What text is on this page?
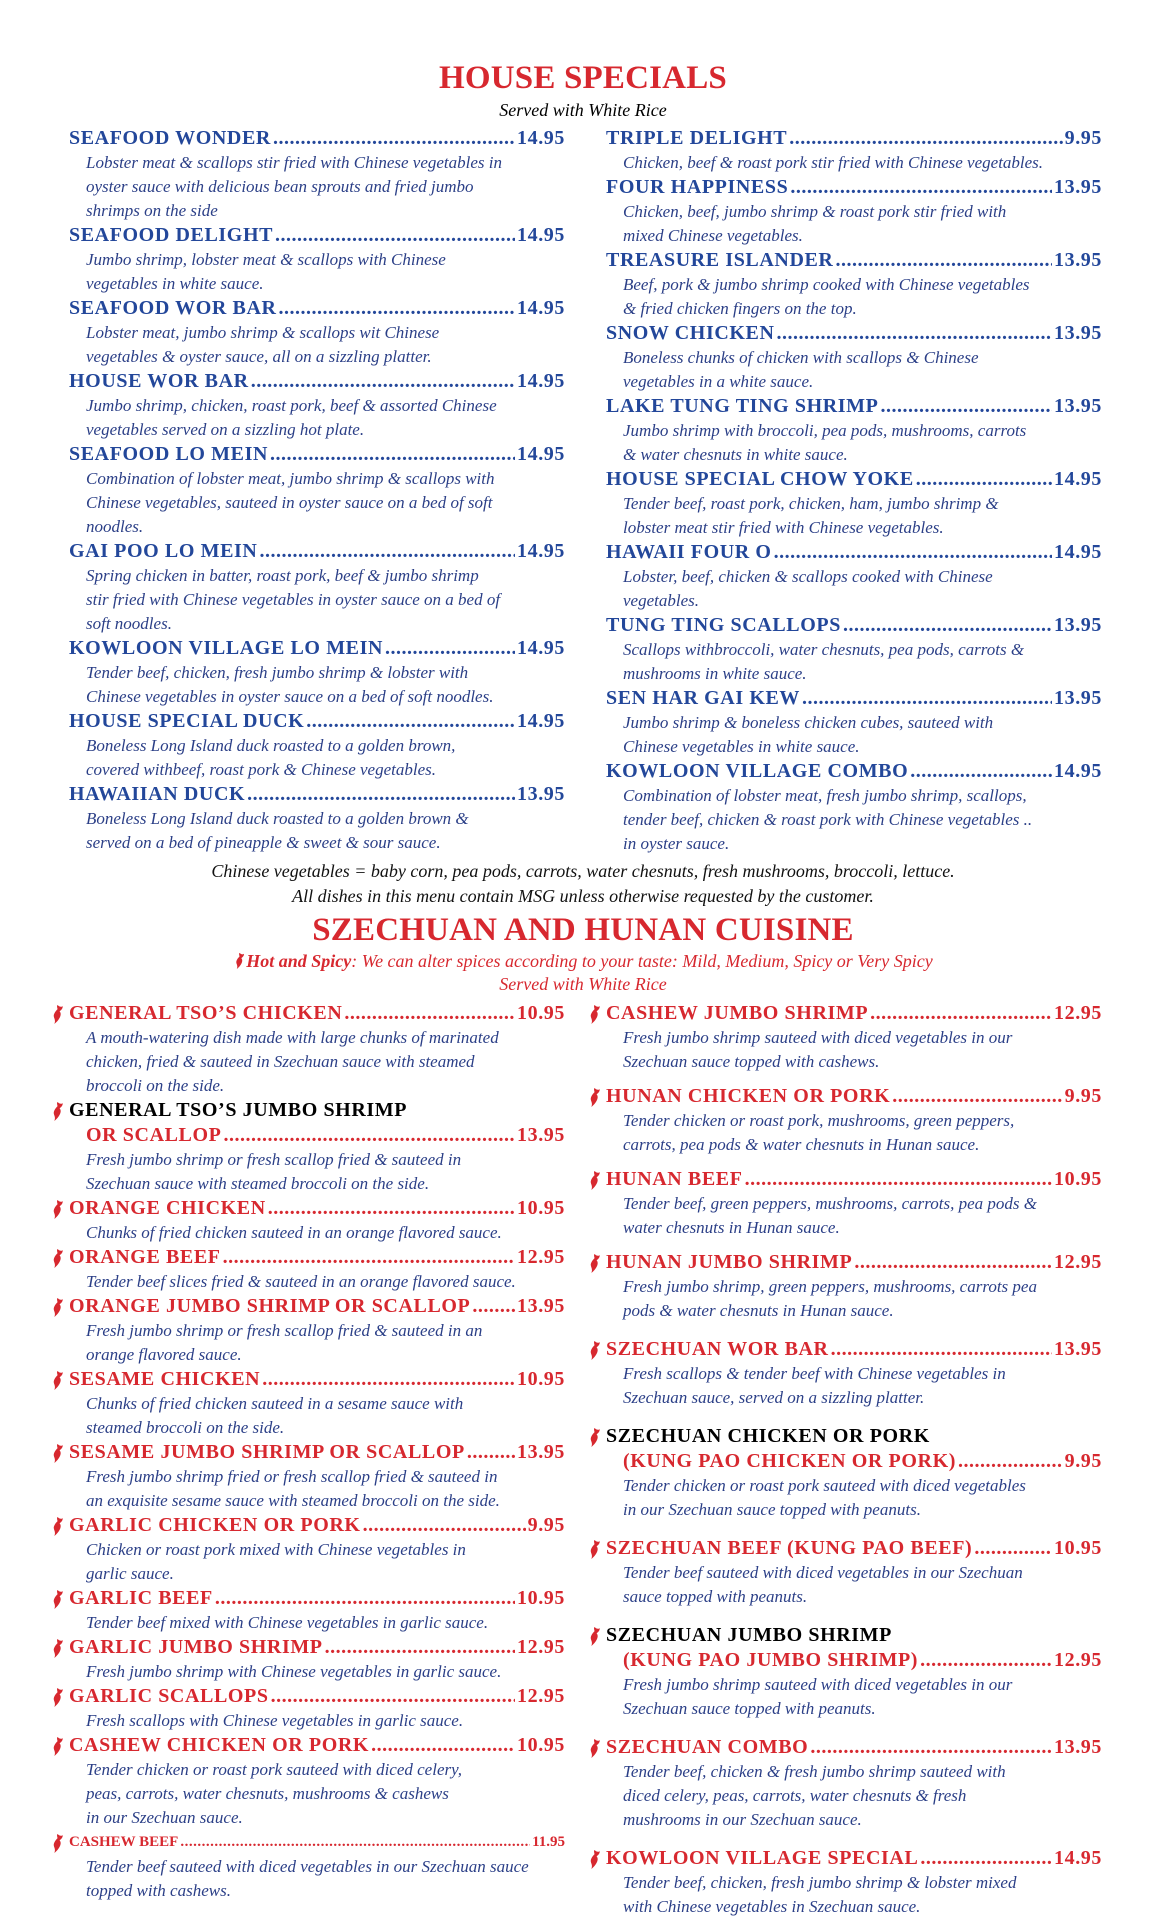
HOUSE SPECIALS
Served with White Rice
SEAFOOD WONDER .....	14.95
Lobster meat & scallops stir fried with Chinese vegetables in
oyster sauce with delicious bean sprouts and fried jumbo
shrimps on the side
SEAFOOD DELIGHT .....	14.95
Jumbo shrimp, lobster meat & scallops with Chinese
vegetables in white sauce.
SEAFOOD WOR BAR .....	14.95
Lobster meat, jumbo shrimp & scallops wit Chinese
vegetables & oyster sauce, all on a sizzling platter.
HOUSE WOR BAR .....	14.95
Jumbo shrimp, chicken, roast pork, beef & assorted Chinese
vegetables served on a sizzling hot plate.
SEAFOOD LO MEIN .....	14.95
Combination of lobster meat, jumbo shrimp & scallops with
Chinese vegetables, sauteed in oyster sauce on a bed of soft
noodles.
GAI POO LO MEIN .....	14.95
Spring chicken in batter, roast pork, beef & jumbo shrimp
stir fried with Chinese vegetables in oyster sauce on a bed of
soft noodles.
KOWLOON VILLAGE LO MEIN .....	14.95
Tender beef, chicken, fresh jumbo shrimp & lobster with
Chinese vegetables in oyster sauce on a bed of soft noodles.
HOUSE SPECIAL DUCK .....	14.95
Boneless Long Island duck roasted to a golden brown,
covered withbeef, roast pork & Chinese vegetables.
HAWAIIAN DUCK .....	13.95
Boneless Long Island duck roasted to a golden brown &
served on a bed of pineapple & sweet & sour sauce.
TRIPLE DELIGHT .....	9.95
Chicken, beef & roast pork stir fried with Chinese vegetables.
FOUR HAPPINESS .....	13.95
Chicken, beef, jumbo shrimp & roast pork stir fried with
mixed Chinese vegetables.
TREASURE ISLANDER .....	13.95
Beef, pork & jumbo shrimp cooked with Chinese vegetables
& fried chicken fingers on the top.
SNOW CHICKEN .....	13.95
Boneless chunks of chicken with scallops & Chinese
vegetables in a white sauce.
LAKE TUNG TING SHRIMP .....	13.95
Jumbo shrimp with broccoli, pea pods, mushrooms, carrots
& water chesnuts in white sauce.
HOUSE SPECIAL CHOW YOKE .....	14.95
Tender beef, roast pork, chicken, ham, jumbo shrimp &
lobster meat stir fried with Chinese vegetables.
HAWAII FOUR O .....	14.95
Lobster, beef, chicken & scallops cooked with Chinese
vegetables.
TUNG TING SCALLOPS .....	13.95
Scallops withbroccoli, water chesnuts, pea pods, carrots &
mushrooms in white sauce.
SEN HAR GAI KEW .....	13.95
Jumbo shrimp & boneless chicken cubes, sauteed with
Chinese vegetables in white sauce.
KOWLOON VILLAGE COMBO .....	14.95
Combination of lobster meat, fresh jumbo shrimp, scallops,
tender beef, chicken & roast pork with Chinese vegetables ..
in oyster sauce.
Chinese vegetables = baby corn, pea pods, carrots, water chesnuts, fresh mushrooms, broccoli, lettuce.
All dishes in this menu contain MSG unless otherwise requested by the customer.
SZECHUAN AND HUNAN CUISINE
Hot and Spicy: We can alter spices according to your taste: Mild, Medium, Spicy or Very Spicy
Served with White Rice
GENERAL TSO’S CHICKEN .....	10.95
A mouth-watering dish made with large chunks of marinated
chicken, fried & sauteed in Szechuan sauce with steamed
broccoli on the side.
GENERAL TSO’S JUMBO SHRIMP
OR SCALLOP .....	13.95
Fresh jumbo shrimp or fresh scallop fried & sauteed in
Szechuan sauce with steamed broccoli on the side.
ORANGE CHICKEN .....	10.95
Chunks of fried chicken sauteed in an orange flavored sauce.
ORANGE BEEF .....	12.95
Tender beef slices fried & sauteed in an orange flavored sauce.
ORANGE JUMBO SHRIMP OR SCALLOP ..... 13.95
Fresh jumbo shrimp or fresh scallop fried & sauteed in an
orange flavored sauce.
SESAME CHICKEN .....	10.95
Chunks of fried chicken sauteed in a sesame sauce with
steamed broccoli on the side.
SESAME JUMBO SHRIMP OR SCALLOP .....	13.95
Fresh jumbo shrimp fried or fresh scallop fried & sauteed in
an exquisite sesame sauce with steamed broccoli on the side.
GARLIC CHICKEN OR PORK .....	9.95
Chicken or roast pork mixed with Chinese vegetables in
garlic sauce.
GARLIC BEEF .....	10.95
Tender beef mixed with Chinese vegetables in garlic sauce.
GARLIC JUMBO SHRIMP .....	12.95
Fresh jumbo shrimp with Chinese vegetables in garlic sauce.
GARLIC SCALLOPS .....	12.95
Fresh scallops with Chinese vegetables in garlic sauce.
CASHEW CHICKEN OR PORK .....	10.95
Tender chicken or roast pork sauteed with diced celery,
peas, carrots, water chesnuts, mushrooms & cashews
in our Szechuan sauce.
CASHEW BEEF .....	11.95
Tender beef sauteed with diced vegetables in our Szechuan sauce
topped with cashews.
CASHEW JUMBO SHRIMP .....	12.95
Fresh jumbo shrimp sauteed with diced vegetables in our
Szechuan sauce topped with cashews.
HUNAN CHICKEN OR PORK .....	9.95
Tender chicken or roast pork, mushrooms, green peppers,
carrots, pea pods & water chesnuts in Hunan sauce.
HUNAN BEEF .....	10.95
Tender beef, green peppers, mushrooms, carrots, pea pods &
water chesnuts in Hunan sauce.
HUNAN JUMBO SHRIMP .....	12.95
Fresh jumbo shrimp, green peppers, mushrooms, carrots pea
pods & water chesnuts in Hunan sauce.
SZECHUAN WOR BAR .....	13.95
Fresh scallops & tender beef with Chinese vegetables in
Szechuan sauce, served on a sizzling platter.
SZECHUAN CHICKEN OR PORK
(KUNG PAO CHICKEN OR PORK) .....	9.95
Tender chicken or roast pork sauteed with diced vegetables
in our Szechuan sauce topped with peanuts.
SZECHUAN BEEF (KUNG PAO BEEF) .....	10.95
Tender beef sauteed with diced vegetables in our Szechuan
sauce topped with peanuts.
SZECHUAN JUMBO SHRIMP
(KUNG PAO JUMBO SHRIMP) .....	12.95
Fresh jumbo shrimp sauteed with diced vegetables in our
Szechuan sauce topped with peanuts.
SZECHUAN COMBO .....	13.95
Tender beef, chicken & fresh jumbo shrimp sauteed with
diced celery, peas, carrots, water chesnuts & fresh
mushrooms in our Szechuan sauce.
KOWLOON VILLAGE SPECIAL .....	14.95
Tender beef, chicken, fresh jumbo shrimp & lobster mixed
with Chinese vegetables in Szechuan sauce.
